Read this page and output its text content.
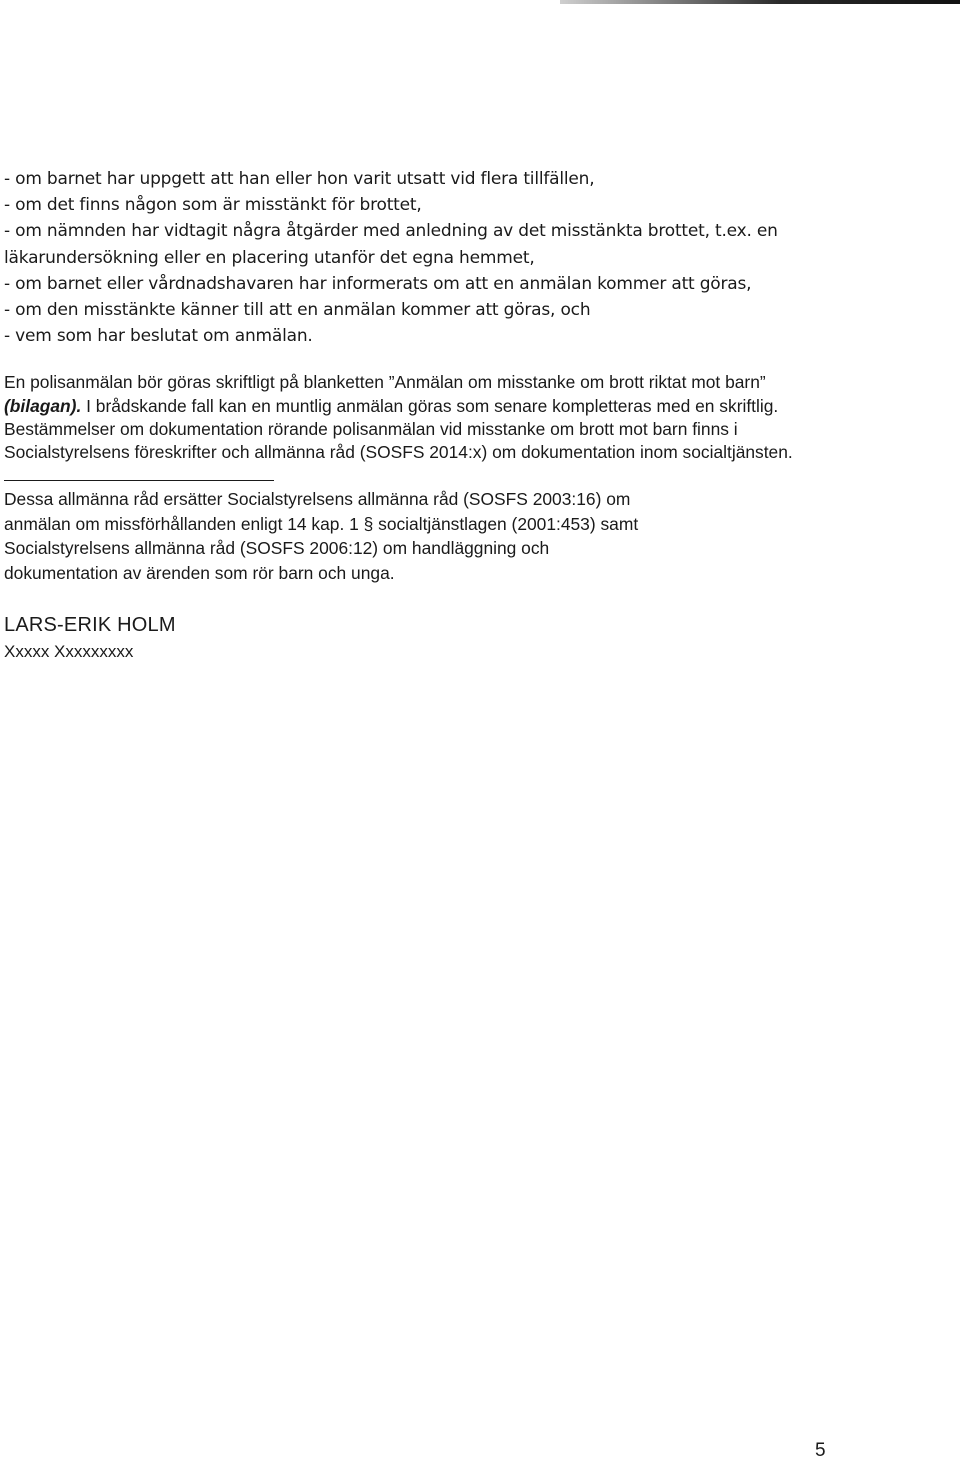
- om barnet har uppgett att han eller hon varit utsatt vid flera tillfällen,
- om det finns någon som är misstänkt för brottet,
- om nämnden har vidtagit några åtgärder med anledning av det misstänkta brottet, t.ex. en
läkarundersökning eller en placering utanför det egna hemmet,
- om barnet eller vårdnadshavaren har informerats om att en anmälan kommer att göras,
- om den misstänkte känner till att en anmälan kommer att göras, och
- vem som har beslutat om anmälan.
En polisanmälan bör göras skriftligt på blanketten ”Anmälan om misstanke om brott riktat mot barn”
(bilagan). I brådskande fall kan en muntlig anmälan göras som senare kompletteras med en skriftlig.
Bestämmelser om dokumentation rörande polisanmälan vid misstanke om brott mot barn finns i
Socialstyrelsens föreskrifter och allmänna råd (SOSFS 2014:x) om dokumentation inom socialtjänsten.
Dessa allmänna råd ersätter Socialstyrelsens allmänna råd (SOSFS 2003:16) om
anmälan om missförhållanden enligt 14 kap. 1 § socialtjänstlagen (2001:453) samt
Socialstyrelsens allmänna råd (SOSFS 2006:12) om handläggning och
dokumentation av ärenden som rör barn och unga.
LARS-ERIK HOLM
Xxxxx Xxxxxxxxx
5
